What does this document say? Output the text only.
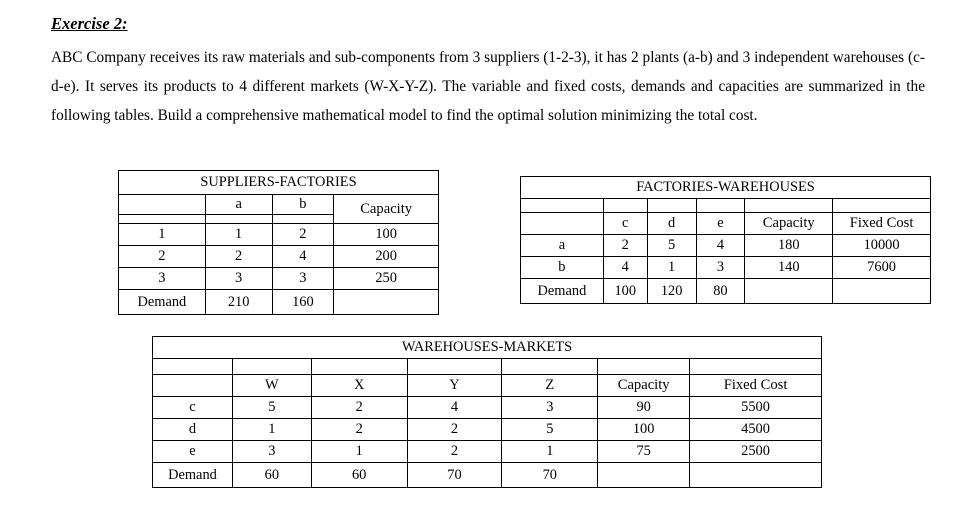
Exercise 2:
ABC Company receives its raw materials and sub-components from 3 suppliers (1-2-3), it has 2 plants (a-b) and 3 independent warehouses (c-d-e). It serves its products to 4 different markets (W-X-Y-Z). The variable and fixed costs, demands and capacities are summarized in the following tables. Build a comprehensive mathematical model to find the optimal solution minimizing the total cost.
SUPPLIERS-FACTORIES			
	a	b	Capacity

1	1	2	100
2	2	4	200
3	3	3	250
Demand	210	160	
FACTORIES-WAREHOUSES					

	c	d	e	Capacity	Fixed Cost
a	2	5	4	180	10000
b	4	1	3	140	7600
Demand	100	120	80		
WAREHOUSES-MARKETS						

	W	X	Y	Z	Capacity	Fixed Cost
c	5	2	4	3	90	5500
d	1	2	2	5	100	4500
e	3	1	2	1	75	2500
Demand	60	60	70	70		
